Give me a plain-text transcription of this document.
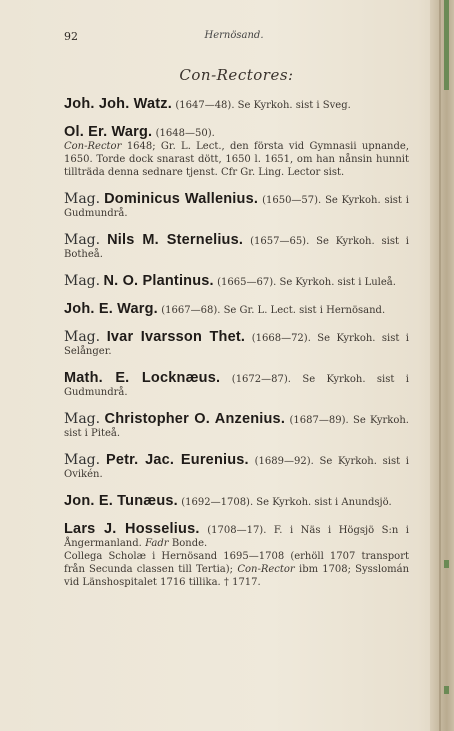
92	Hernösand.
Con-Rectores:
Joh. Joh. Watz. (1647—48). Se Kyrkoh. sist i Sveg.
Ol. Er. Warg. (1648—50).
Con-Rector 1648; Gr. L. Lect., den första vid Gymnasii upnande, 1650. Torde dock snarast dött, 1650 l. 1651, om han nånsin hunnit tillträda denna sednare tjenst. Cfr Gr. Ling. Lector sist.
Mag. Dominicus Wallenius. (1650—57). Se Kyrkoh. sist i Gudmundrå.
Mag. Nils M. Sternelius. (1657—65). Se Kyrkoh. sist i Botheå.
Mag. N. O. Plantinus. (1665—67). Se Kyrkoh. sist i Luleå.
Joh. E. Warg. (1667—68). Se Gr. L. Lect. sist i Hernösand.
Mag. Ivar Ivarsson Thet. (1668—72). Se Kyrkoh. sist i Selånger.
Math. E. Locknæus. (1672—87). Se Kyrkoh. sist i Gudmundrå.
Mag. Christopher O. Anzenius. (1687—89). Se Kyrkoh. sist i Piteå.
Mag. Petr. Jac. Eurenius. (1689—92). Se Kyrkoh. sist i Ovikén.
Jon. E. Tunæus. (1692—1708). Se Kyrkoh. sist i Anundsjö.
Lars J. Hosselius. (1708—17). F. i Näs i Högsjö S:n i Ångermanland. Fadr Bonde.
Collega Scholæ i Hernösand 1695—1708 (erhöll 1707 transport från Secunda classen till Tertia); Con-Rector ibm 1708; Sysslomán vid Länshospitalet 1716 tillika. † 1717.
